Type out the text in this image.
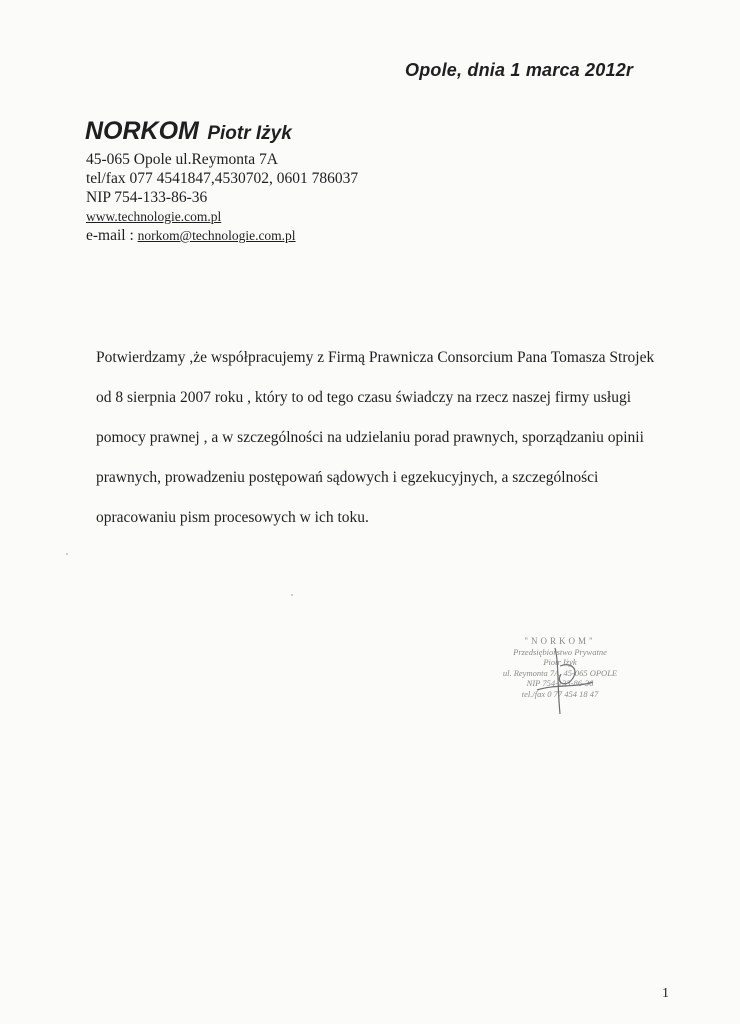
Opole, dnia 1 marca 2012r
NORKOM Piotr Iżyk
45-065 Opole ul.Reymonta 7A
tel/fax 077 4541847,4530702, 0601 786037
NIP 754-133-86-36
www.technologie.com.pl
e-mail : norkom@technologie.com.pl

Potwierdzamy ,że współpracujemy z Firmą Prawnicza Consorcium Pana Tomasza Strojek od 8 sierpnia 2007 roku , który to od tego czasu świadczy na rzecz naszej firmy usługi pomocy prawnej , a w szczególności na udzielaniu porad prawnych, sporządzaniu opinii prawnych, prowadzeniu postępowań sądowych i egzekucyjnych, a szczególności opracowaniu pism procesowych w ich toku.

"NORKOM"
Przedsiębiorstwo Prywatne
Piotr Iżyk
ul. Reymonta 7A, 45-065 OPOLE
NIP 754-133-86-36
tel./fax 0 77 454 18 47
1
